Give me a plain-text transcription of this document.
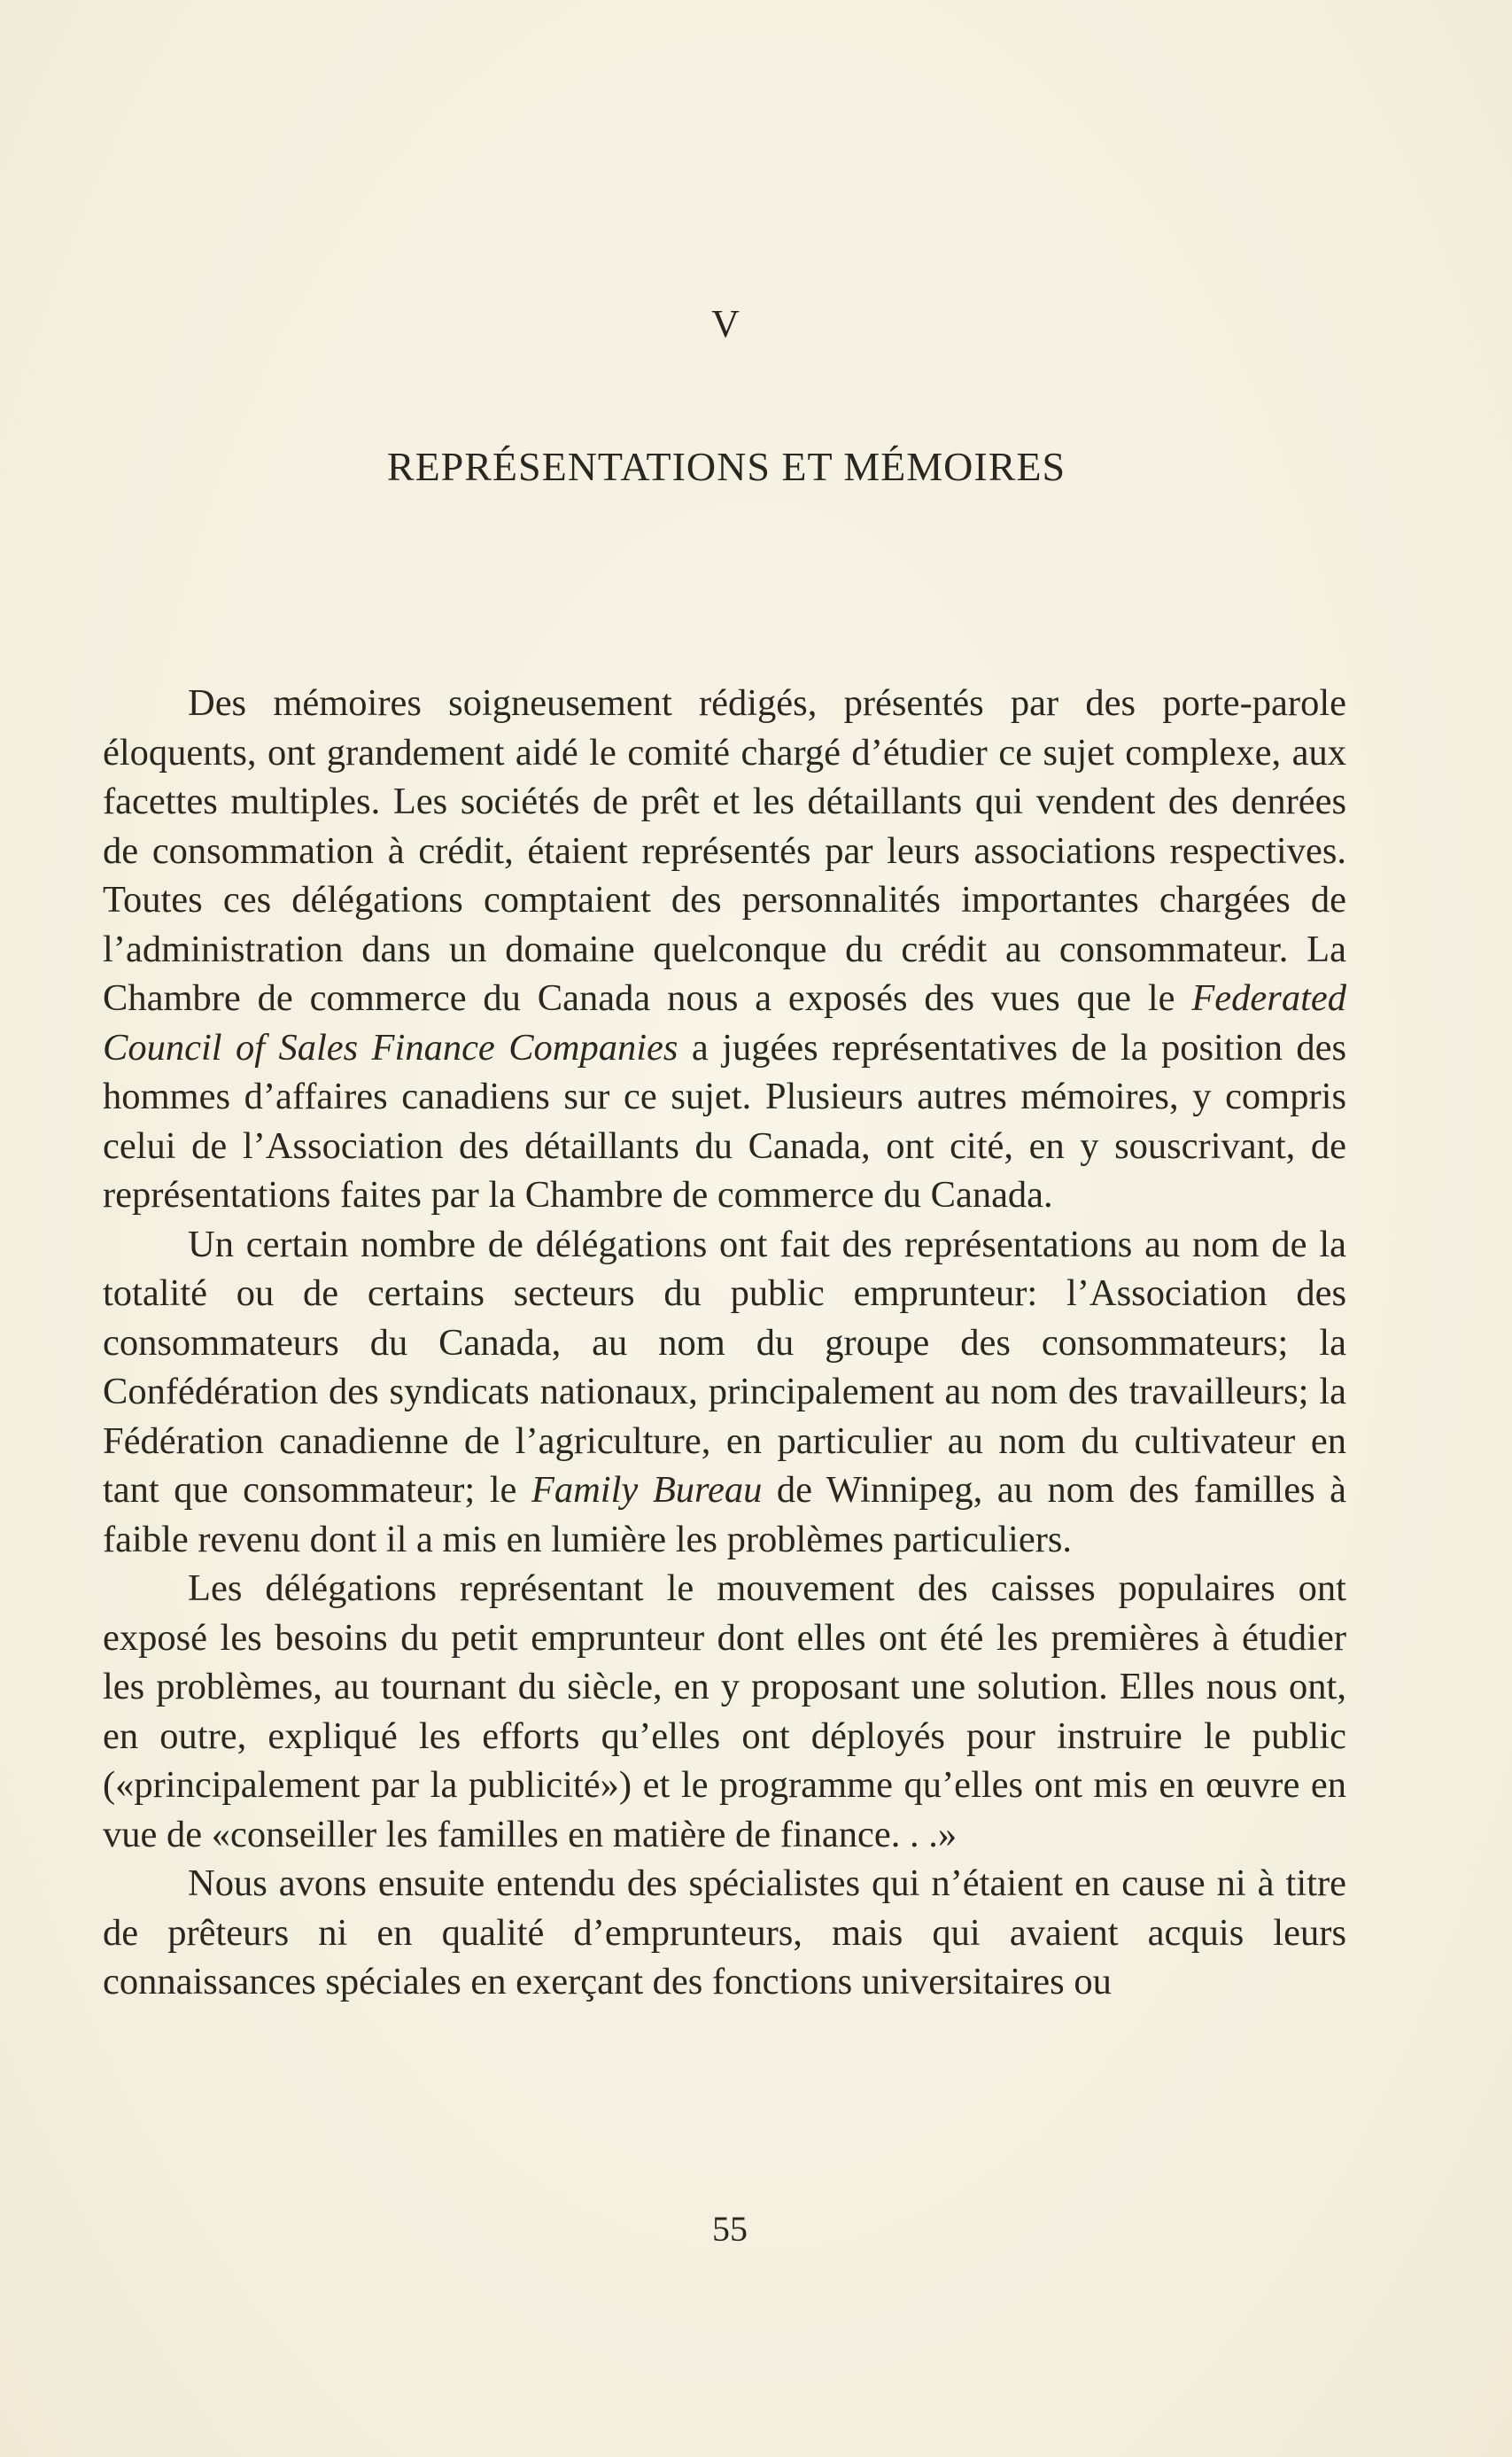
V
REPRÉSENTATIONS ET MÉMOIRES

Des mémoires soigneusement rédigés, présentés par des porte-parole éloquents, ont grandement aidé le comité chargé d’étudier ce sujet complexe, aux facettes multiples. Les sociétés de prêt et les détaillants qui vendent des denrées de consommation à crédit, étaient représentés par leurs associations respectives. Toutes ces délégations comptaient des personnalités importantes chargées de l’administration dans un domaine quelconque du crédit au consommateur. La Chambre de commerce du Canada nous a exposés des vues que le Federated Council of Sales Finance Companies a jugées représentatives de la position des hommes d’affaires canadiens sur ce sujet. Plusieurs autres mémoires, y compris celui de l’Association des détaillants du Canada, ont cité, en y souscrivant, de représentations faites par la Chambre de commerce du Canada.

Un certain nombre de délégations ont fait des représentations au nom de la totalité ou de certains secteurs du public emprunteur: l’Association des consommateurs du Canada, au nom du groupe des consommateurs; la Confédération des syndicats nationaux, principalement au nom des travailleurs; la Fédération canadienne de l’agriculture, en particulier au nom du cultivateur en tant que consommateur; le Family Bureau de Winnipeg, au nom des familles à faible revenu dont il a mis en lumière les problèmes particuliers.

Les délégations représentant le mouvement des caisses populaires ont exposé les besoins du petit emprunteur dont elles ont été les premières à étudier les problèmes, au tournant du siècle, en y proposant une solution. Elles nous ont, en outre, expliqué les efforts qu’elles ont déployés pour instruire le public («principalement par la publicité») et le programme qu’elles ont mis en œuvre en vue de «conseiller les familles en matière de finance. . .»

Nous avons ensuite entendu des spécialistes qui n’étaient en cause ni à titre de prêteurs ni en qualité d’emprunteurs, mais qui avaient acquis leurs connaissances spéciales en exerçant des fonctions universitaires ou

55
